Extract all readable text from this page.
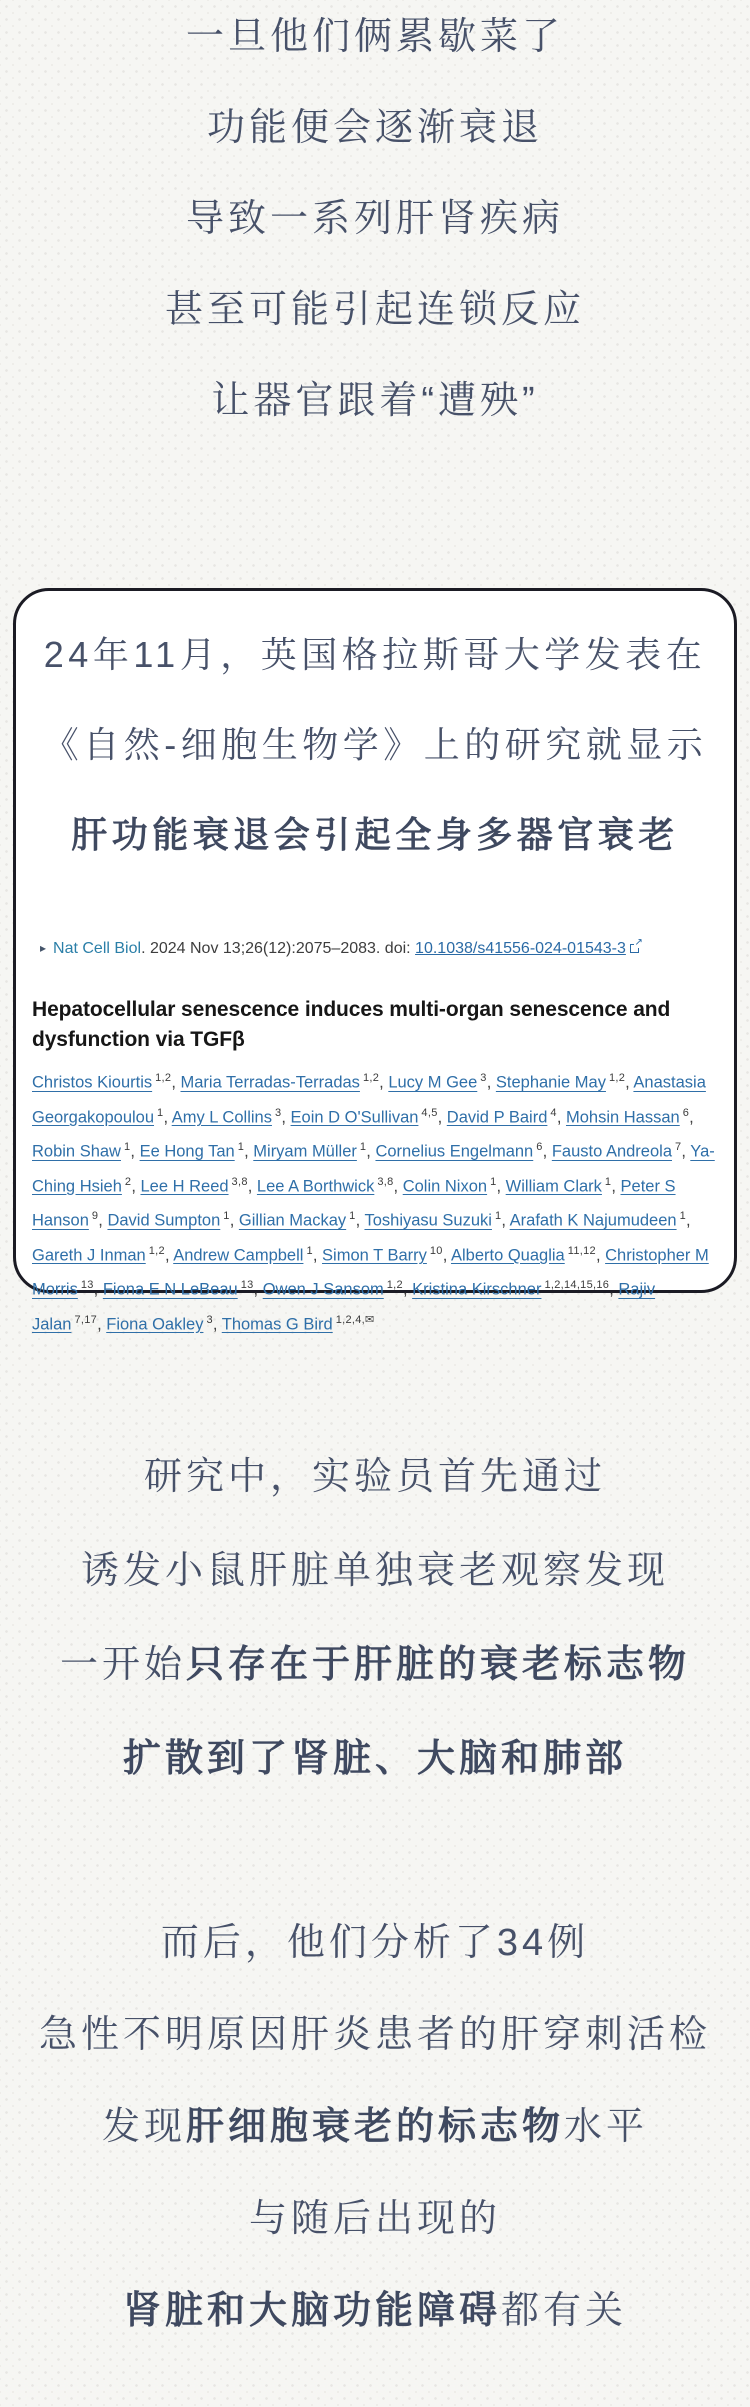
一旦他们俩累歇菜了
功能便会逐渐衰退
导致一系列肝肾疾病
甚至可能引起连锁反应
让器官跟着“遭殃”
24年11月，英国格拉斯哥大学发表在
《自然-细胞生物学》上的研究就显示
肝功能衰退会引起全身多器官衰老
▸ Nat Cell Biol. 2024 Nov 13;26(12):2075–2083. doi: 10.1038/s41556-024-01543-3 ↗
Hepatocellular senescence induces multi-organ senescence and dysfunction via TGFβ

Christos Kiourtis $^{1,2}$, Maria Terradas-Terradas $^{1,2}$, Lucy M Gee $^3$, Stephanie May $^{1,2}$, Anastasia Georgakopoulou $^1$, Amy L Collins $^3$, Eoin D O'Sullivan $^{4,5}$, David P Baird $^4$, Mohsin Hassan $^6$, Robin Shaw $^1$, Ee Hong Tan $^1$, Miryam Müller $^1$, Cornelius Engelmann $^6$, Fausto Andreola $^7$, Ya-Ching Hsieh $^2$, Lee H Reed $^{3,8}$, Lee A Borthwick $^{3,8}$, Colin Nixon $^1$, William Clark $^1$, Peter S Hanson $^9$, David Sumpton $^1$, Gillian Mackay $^1$, Toshiyasu Suzuki $^1$, Arafath K Najumudeen $^1$, Gareth J Inman $^{1,2}$, Andrew Campbell $^1$, Simon T Barry $^{10}$, Alberto Quaglia $^{11,12}$, Christopher M Morris $^{13}$, Fiona E N LeBeau $^{13}$, Owen J Sansom $^{1,2}$, Kristina Kirschner $^{1,2,14,15,16}$, Rajiv Jalan $^{7,17}$, Fiona Oakley $^3$, Thomas G Bird $^{1,2,4,✉}$

研究中，实验员首先通过
诱发小鼠肝脏单独衰老观察发现
一开始只存在于肝脏的衰老标志物
扩散到了肾脏、大脑和肺部
而后，他们分析了34例
急性不明原因肝炎患者的肝穿刺活检
发现肝细胞衰老的标志物水平
与随后出现的
肾脏和大脑功能障碍都有关
